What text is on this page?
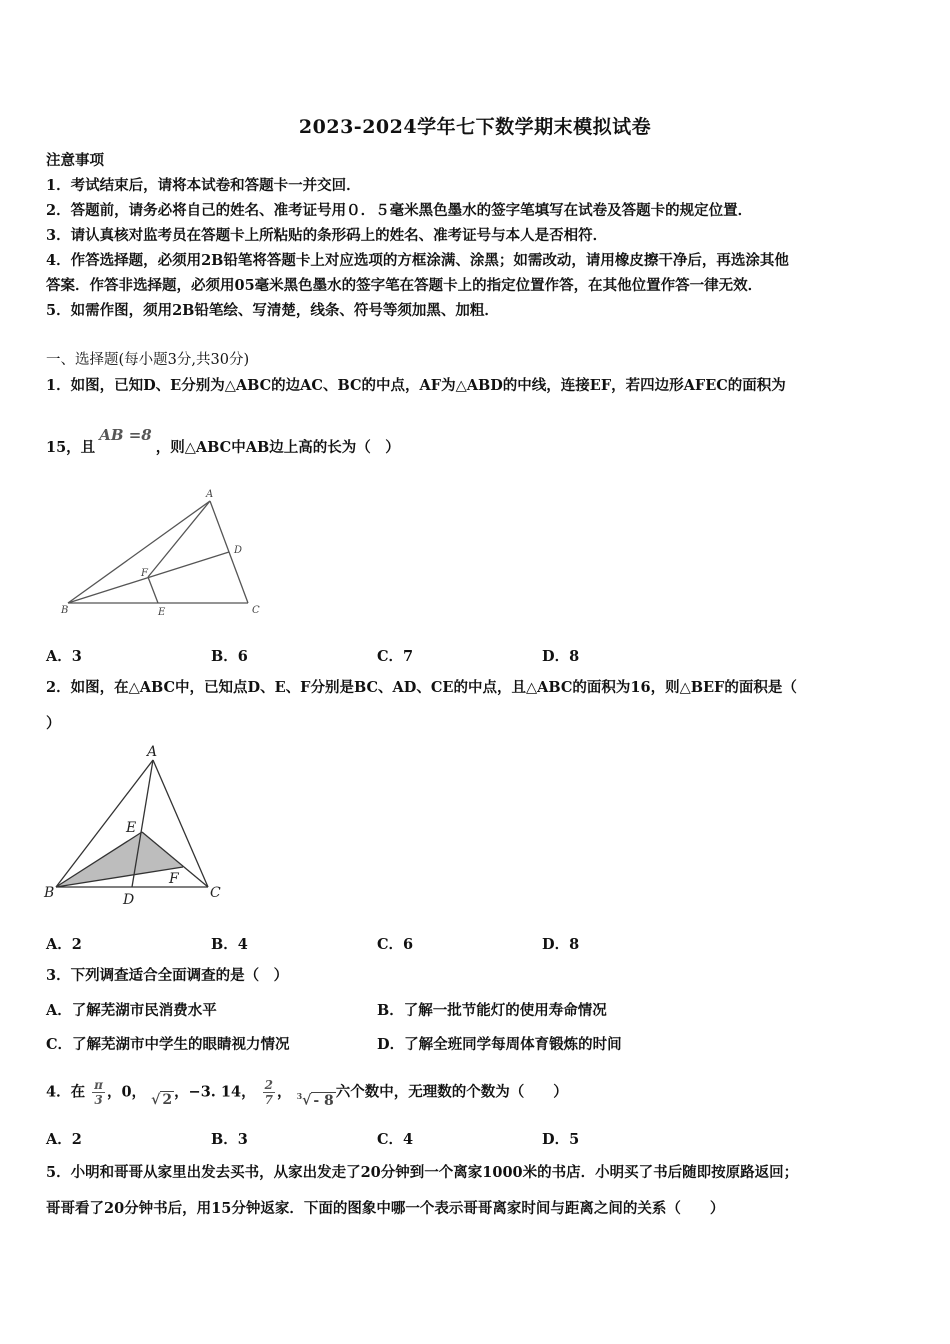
2023-2024学年七下数学期末模拟试卷
注意事项
1．考试结束后，请将本试卷和答题卡一并交回．
2．答题前，请务必将自己的姓名、准考证号用０．５毫米黑色墨水的签字笔填写在试卷及答题卡的规定位置．
3．请认真核对监考员在答题卡上所粘贴的条形码上的姓名、准考证号与本人是否相符．
4．作答选择题，必须用2B铅笔将答题卡上对应选项的方框涂满、涂黑；如需改动，请用橡皮擦干净后，再选涂其他
答案．作答非选择题，必须用05毫米黑色墨水的签字笔在答题卡上的指定位置作答，在其他位置作答一律无效．
5．如需作图，须用2B铅笔绘、写清楚，线条、符号等须加黑、加粗．
一、选择题(每小题3分,共30分)
1．如图，已知D、E分别为△ABC的边AC、BC的中点，AF为△ABD的中线，连接EF，若四边形AFEC的面积为
15，且AB =8，则△ABC中AB边上高的长为（　）
A
D
F
B	E	C
A．3	B．6	C．7	D．8
2．如图，在△ABC中，已知点D、E、F分别是BC、AD、CE的中点，且△ABC的面积为16，则△BEF的面积是（
）
A
E
F
B	D	C
A．2	B．4	C．6	D．8
3．下列调查适合全面调查的是（　）
A．了解芜湖市民消费水平	B．了解一批节能灯的使用寿命情况
C．了解芜湖市中学生的眼睛视力情况	D．了解全班同学每周体育锻炼的时间
4．在 $\frac{\pi}{3}$ ，0， √ 2 ，−3. 14， $\frac{2}{7}$ ， $^3$√ - 8六个数中，无理数的个数为（　　）
A．2	B．3	C．4	D．5
5．小明和哥哥从家里出发去买书，从家出发走了20分钟到一个离家1000米的书店．小明买了书后随即按原路返回；
哥哥看了20分钟书后，用15分钟返家．下面的图象中哪一个表示哥哥离家时间与距离之间的关系（　　）
